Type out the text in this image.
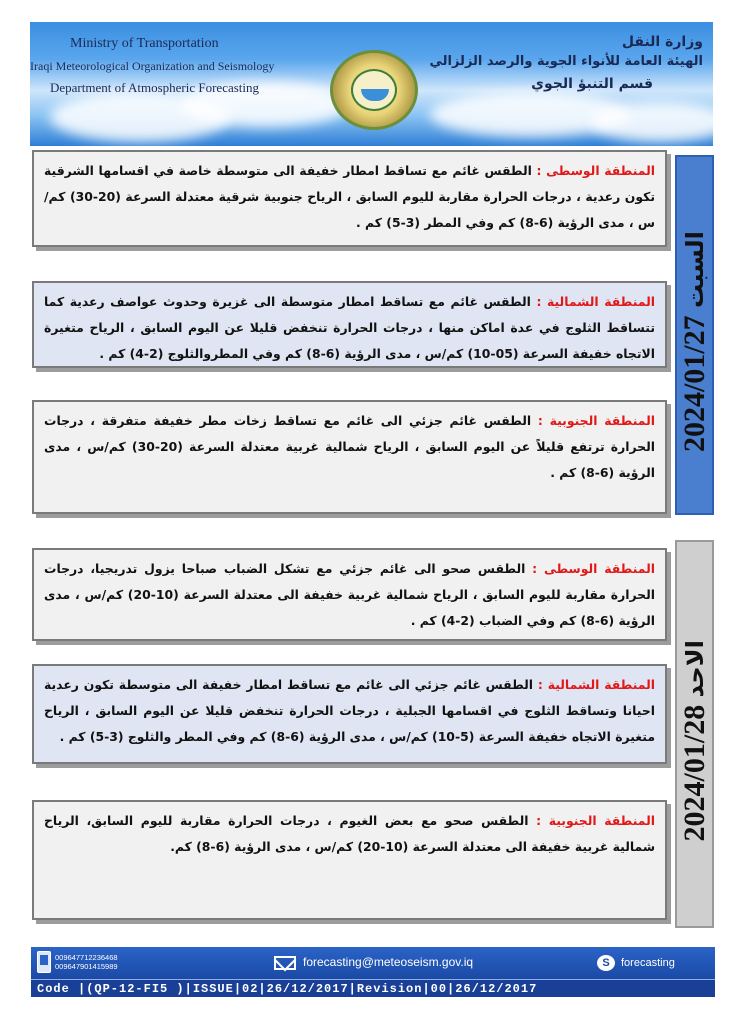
Ministry of Transportation
Iraqi Meteorological Organization and Seismology
Department of Atmospheric Forecasting
وزارة النقل
الهيئة العامة للأنواء الجوية والرصد الزلزالي
قسم التنبؤ الجوي
2024/01/27 السبت
المنطقة الوسطى : الطقس غائم مع تساقط امطار خفيفة الى متوسطة خاصة في اقسامها الشرقية تكون رعدية ، درجات الحرارة مقاربة لليوم السابق ، الرياح جنوبية شرقية معتدلة السرعة (20-30) كم/س ، مدى الرؤية (6-8) كم وفي المطر (3-5) كم .
المنطقة الشمالية : الطقس غائم مع تساقط امطار متوسطة الى غزيرة وحدوث عواصف رعدية كما تتساقط الثلوج في عدة اماكن منها ، درجات الحرارة تنخفض قليلا عن اليوم السابق ، الرياح متغيرة الاتجاه خفيفة السرعة (05-10) كم/س ، مدى الرؤية (6-8) كم وفي المطروالثلوج (2-4) كم .
المنطقة الجنوبية : الطقس غائم جزئي الى غائم مع تساقط زخات مطر خفيفة متفرقة ، درجات الحرارة ترتفع قليلاً عن اليوم السابق ، الرياح شمالية غربية معتدلة السرعة (20-30) كم/س ، مدى الرؤية (6-8) كم .
2024/01/28 الاحد
المنطقة الوسطى : الطقس صحو الى غائم جزئي مع تشكل الضباب صباحا يزول تدريجيا، درجات الحرارة مقاربة لليوم السابق ، الرياح شمالية غربية خفيفة الى معتدلة السرعة (10-20) كم/س ، مدى الرؤية (6-8) كم وفي الضباب (2-4) كم .
المنطقة الشمالية : الطقس غائم جزئي الى غائم مع تساقط امطار خفيفة الى متوسطة تكون رعدية احيانا وتساقط الثلوج في اقسامها الجبلية ، درجات الحرارة تنخفض قليلا عن اليوم السابق ، الرياح متغيرة الاتجاه خفيفة السرعة (5-10) كم/س ، مدى الرؤية (6-8) كم وفي المطر والثلوج (3-5) كم .
المنطقة الجنوبية : الطقس صحو مع بعض الغيوم ، درجات الحرارة مقاربة لليوم السابق، الرياح شمالية غربية خفيفة الى معتدلة السرعة (10-20) كم/س ، مدى الرؤية (6-8) كم.
009647712236468
009647901415989	forecasting@meteoseism.gov.iq	S	forecasting
Code |(QP-12-FI5 )|ISSUE|02|26/12/2017|Revision|00|26/12/2017
